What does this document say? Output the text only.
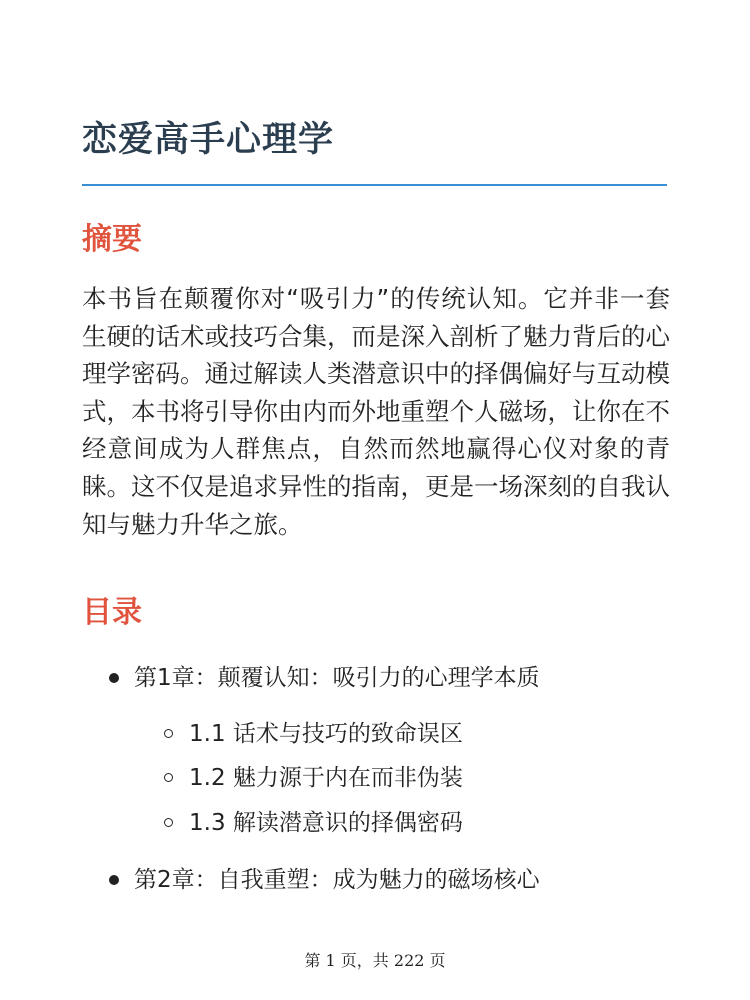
恋爱高手心理学
摘要

本书旨在颠覆你对“吸引力”的传统认知。它并非一套生硬的话术或技巧合集，而是深入剖析了魅力背后的心理学密码。通过解读人类潜意识中的择偶偏好与互动模式，本书将引导你由内而外地重塑个人磁场，让你在不经意间成为人群焦点，自然而然地赢得心仪对象的青睐。这不仅是追求异性的指南，更是一场深刻的自我认知与魅力升华之旅。

目录
第1章：颠覆认知：吸引力的心理学本质
1.1 话术与技巧的致命误区
1.2 魅力源于内在而非伪装
1.3 解读潜意识的择偶密码
第2章：自我重塑：成为魅力的磁场核心
第 1 页，共 222 页
